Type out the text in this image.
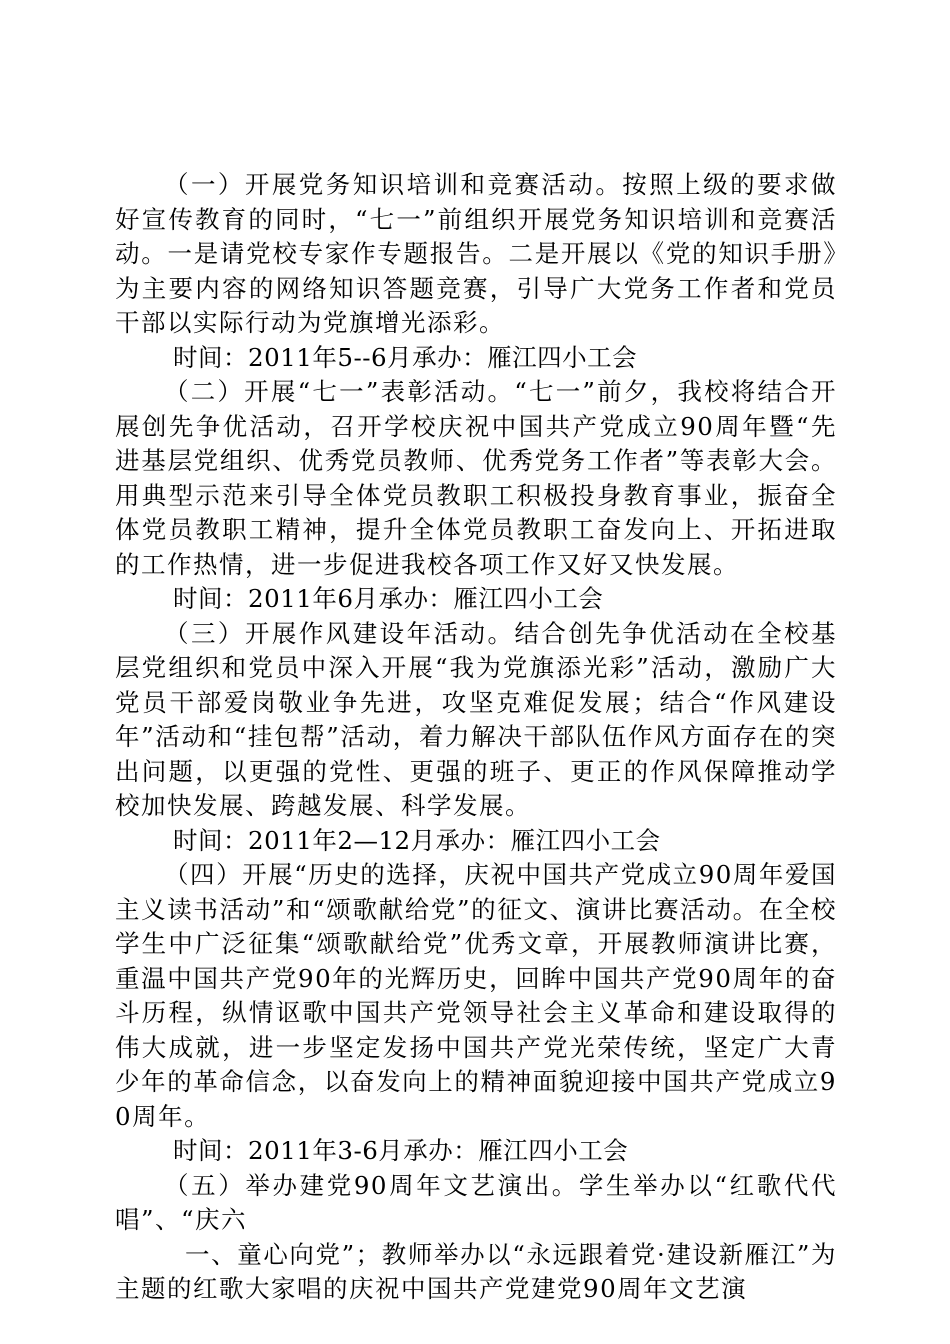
（一）开展党务知识培训和竞赛活动。按照上级的要求做好宣传教育的同时，“七一”前组织开展党务知识培训和竞赛活动。一是请党校专家作专题报告。二是开展以《党的知识手册》为主要内容的网络知识答题竞赛，引导广大党务工作者和党员干部以实际行动为党旗增光添彩。

时间：2011年5--6月承办：雁江四小工会

（二）开展“七一”表彰活动。“七一”前夕，我校将结合开展创先争优活动，召开学校庆祝中国共产党成立90周年暨“先进基层党组织、优秀党员教师、优秀党务工作者”等表彰大会。用典型示范来引导全体党员教职工积极投身教育事业，振奋全体党员教职工精神，提升全体党员教职工奋发向上、开拓进取的工作热情，进一步促进我校各项工作又好又快发展。

时间：2011年6月承办：雁江四小工会

（三）开展作风建设年活动。结合创先争优活动在全校基层党组织和党员中深入开展“我为党旗添光彩”活动，激励广大党员干部爱岗敬业争先进，攻坚克难促发展；结合“作风建设年”活动和“挂包帮”活动，着力解决干部队伍作风方面存在的突出问题，以更强的党性、更强的班子、更正的作风保障推动学校加快发展、跨越发展、科学发展。

时间：2011年2—12月承办：雁江四小工会

（四）开展“历史的选择，庆祝中国共产党成立90周年爱国主义读书活动”和“颂歌献给党”的征文、演讲比赛活动。在全校学生中广泛征集“颂歌献给党”优秀文章，开展教师演讲比赛，重温中国共产党90年的光辉历史，回眸中国共产党90周年的奋斗历程，纵情讴歌中国共产党领导社会主义革命和建设取得的伟大成就，进一步坚定发扬中国共产党光荣传统，坚定广大青少年的革命信念，以奋发向上的精神面貌迎接中国共产党成立90周年。

时间：2011年3-6月承办：雁江四小工会

（五）举办建党90周年文艺演出。学生举办以“红歌代代唱”、“庆六

一、童心向党”；教师举办以“永远跟着党·建设新雁江”为主题的红歌大家唱的庆祝中国共产党建党90周年文艺演
